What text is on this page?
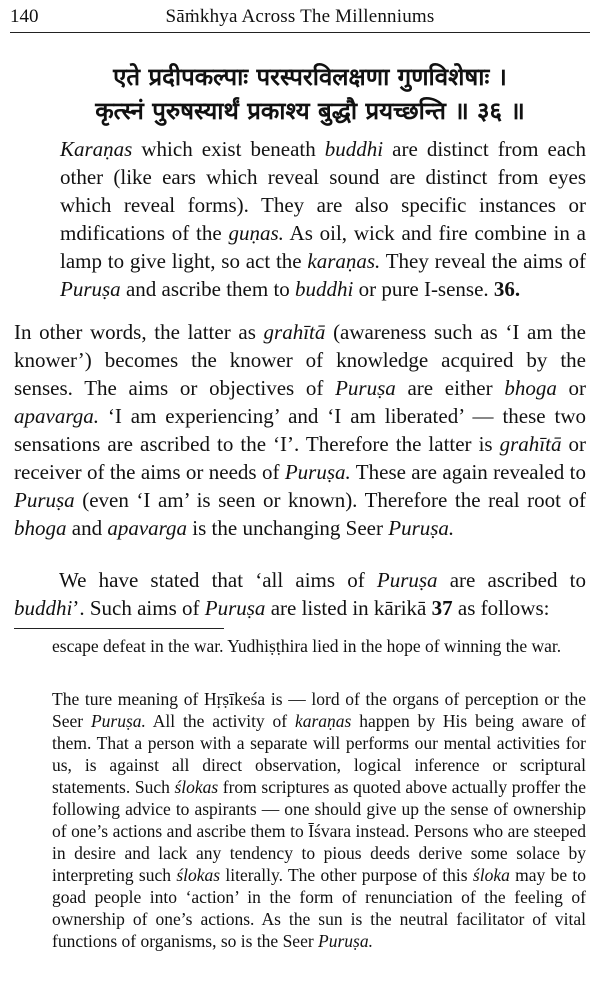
140	Sāṁkhya Across The Millenniums
एते प्रदीपकल्पाः परस्परविलक्षणा गुणविशेषाः ।
कृत्स्नं पुरुषस्यार्थं प्रकाश्य बुद्धौ प्रयच्छन्ति ॥ ३६ ॥

Karaṇas which exist beneath buddhi are distinct from each other (like ears which reveal sound are distinct from eyes which reveal forms). They are also specific instances or mdifications of the guṇas. As oil, wick and fire combine in a lamp to give light, so act the karaṇas. They reveal the aims of Puruṣa and ascribe them to buddhi or pure I-sense. 36.

In other words, the latter as grahītā (awareness such as ‘I am the knower’) becomes the knower of knowledge acquired by the senses. The aims or objectives of Puruṣa are either bhoga or apavarga. ‘I am experiencing’ and ‘I am liberated’ — these two sensations are ascribed to the ‘I’. Therefore the latter is grahītā or receiver of the aims or needs of Puruṣa. These are again revealed to Puruṣa (even ‘I am’ is seen or known). Therefore the real root of bhoga and apavarga is the unchanging Seer Puruṣa.

We have stated that ‘all aims of Puruṣa are ascribed to buddhi’. Such aims of Puruṣa are listed in kārikā 37 as follows:

escape defeat in the war. Yudhiṣṭhira lied in the hope of winning the war.

The ture meaning of Hṛṣīkeśa is — lord of the organs of perception or the Seer Puruṣa. All the activity of karaṇas happen by His being aware of them. That a person with a separate will performs our mental activities for us, is against all direct observation, logical inference or scriptural statements. Such ślokas from scriptures as quoted above actually proffer the following advice to aspirants — one should give up the sense of ownership of one’s actions and ascribe them to Īśvara instead. Persons who are steeped in desire and lack any tendency to pious deeds derive some solace by interpreting such ślokas literally. The other purpose of this śloka may be to goad people into ‘action’ in the form of renunciation of the feeling of ownership of one’s actions. As the sun is the neutral facilitator of vital functions of organisms, so is the Seer Puruṣa.
